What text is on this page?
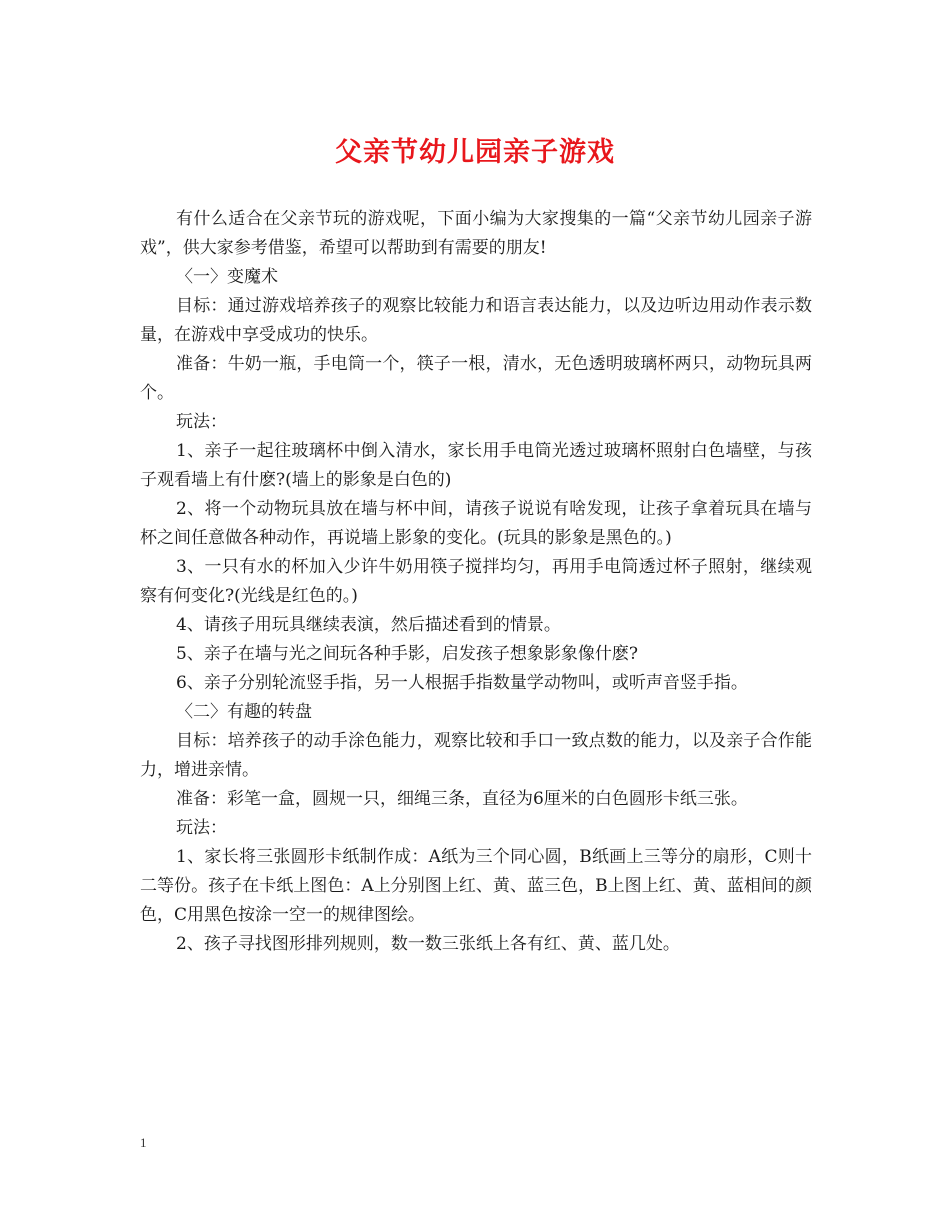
父亲节幼儿园亲子游戏

有什么适合在父亲节玩的游戏呢，下面小编为大家搜集的一篇“父亲节幼儿园亲子游戏”，供大家参考借鉴，希望可以帮助到有需要的朋友!

〈一〉变魔术

目标：通过游戏培养孩子的观察比较能力和语言表达能力，以及边听边用动作表示数量，在游戏中享受成功的快乐。

准备：牛奶一瓶，手电筒一个，筷子一根，清水，无色透明玻璃杯两只，动物玩具两个。

玩法：

1、亲子一起往玻璃杯中倒入清水，家长用手电筒光透过玻璃杯照射白色墙壁，与孩子观看墙上有什麽?(墙上的影象是白色的)

2、将一个动物玩具放在墙与杯中间，请孩子说说有啥发现，让孩子拿着玩具在墙与杯之间任意做各种动作，再说墙上影象的变化。(玩具的影象是黑色的。)

3、一只有水的杯加入少许牛奶用筷子搅拌均匀，再用手电筒透过杯子照射，继续观察有何变化?(光线是红色的。)

4、请孩子用玩具继续表演，然后描述看到的情景。

5、亲子在墙与光之间玩各种手影，启发孩子想象影象像什麽?

6、亲子分别轮流竖手指，另一人根据手指数量学动物叫，或听声音竖手指。

〈二〉有趣的转盘

目标：培养孩子的动手涂色能力，观察比较和手口一致点数的能力，以及亲子合作能力，增进亲情。

准备：彩笔一盒，圆规一只，细绳三条，直径为6厘米的白色圆形卡纸三张。

玩法：

1、家长将三张圆形卡纸制作成：A纸为三个同心圆，B纸画上三等分的扇形，C则十二等份。孩子在卡纸上图色：A上分别图上红、黄、蓝三色，B上图上红、黄、蓝相间的颜色，C用黑色按涂一空一的规律图绘。

2、孩子寻找图形排列规则，数一数三张纸上各有红、黄、蓝几处。

1
